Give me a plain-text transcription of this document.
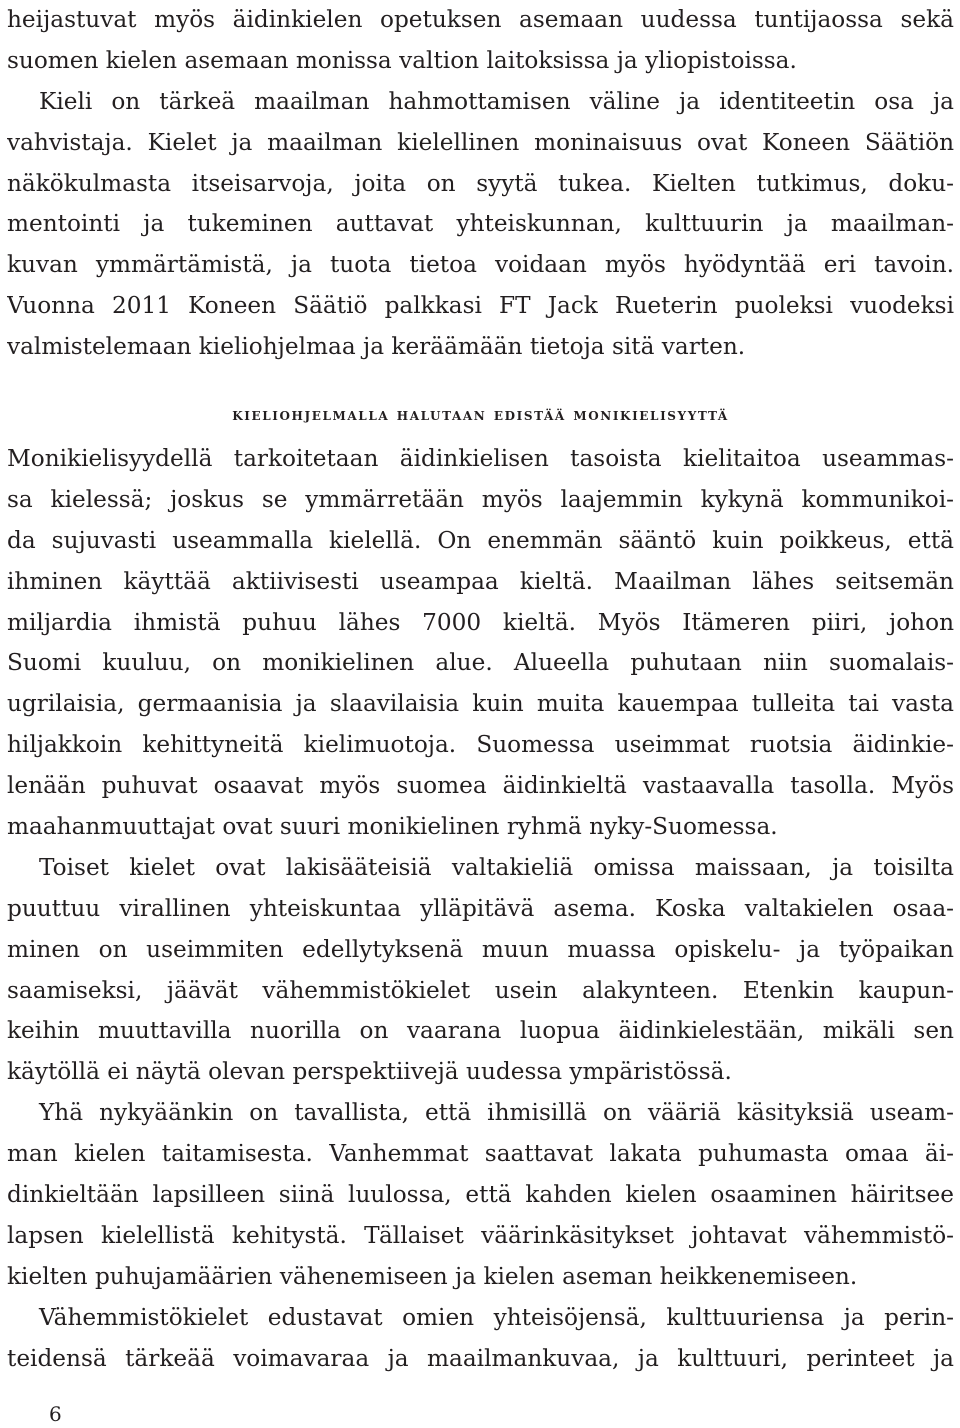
heijastuvat myös äidinkielen opetuksen asemaan uudessa tuntijaossa sekä
suomen kielen asemaan monissa valtion laitoksissa ja yliopistoissa.
Kieli on tärkeä maailman hahmottamisen väline ja identiteetin osa ja
vahvistaja. Kielet ja maailman kielellinen moninaisuus ovat Koneen Säätiön
näkökulmasta itseisarvoja, joita on syytä tukea. Kielten tutkimus, doku-
mentointi ja tukeminen auttavat yhteiskunnan, kulttuurin ja maailman-
kuvan ymmärtämistä, ja tuota tietoa voidaan myös hyödyntää eri tavoin.
Vuonna 2011 Koneen Säätiö palkkasi FT Jack Rueterin puoleksi vuodeksi
valmistelemaan kieliohjelmaa ja keräämään tietoja sitä varten.
kieliohjelmalla halutaan edistää monikielisyyttä
Monikielisyydellä tarkoitetaan äidinkielisen tasoista kielitaitoa useammas-
sa kielessä; joskus se ymmärretään myös laajemmin kykynä kommunikoi-
da sujuvasti useammalla kielellä. On enemmän sääntö kuin poikkeus, että
ihminen käyttää aktiivisesti useampaa kieltä. Maailman lähes seitsemän
miljardia ihmistä puhuu lähes 7000 kieltä. Myös Itämeren piiri, johon
Suomi kuuluu, on monikielinen alue. Alueella puhutaan niin suomalais-
ugrilaisia, germaanisia ja slaavilaisia kuin muita kauempaa tulleita tai vasta
hiljakkoin kehittyneitä kielimuotoja. Suomessa useimmat ruotsia äidinkie-
lenään puhuvat osaavat myös suomea äidinkieltä vastaavalla tasolla. Myös
maahanmuuttajat ovat suuri monikielinen ryhmä nyky-Suomessa.
Toiset kielet ovat lakisääteisiä valtakieliä omissa maissaan, ja toisilta
puuttuu virallinen yhteiskuntaa ylläpitävä asema. Koska valtakielen osaa-
minen on useimmiten edellytyksenä muun muassa opiskelu- ja työpaikan
saamiseksi, jäävät vähemmistökielet usein alakynteen. Etenkin kaupun-
keihin muuttavilla nuorilla on vaarana luopua äidinkielestään, mikäli sen
käytöllä ei näytä olevan perspektiivejä uudessa ympäristössä.
Yhä nykyäänkin on tavallista, että ihmisillä on vääriä käsityksiä useam-
man kielen taitamisesta. Vanhemmat saattavat lakata puhumasta omaa äi-
dinkieltään lapsilleen siinä luulossa, että kahden kielen osaaminen häiritsee
lapsen kielellistä kehitystä. Tällaiset väärinkäsitykset johtavat vähemmistö-
kielten puhujamäärien vähenemiseen ja kielen aseman heikkenemiseen.
Vähemmistökielet edustavat omien yhteisöjensä, kulttuuriensa ja perin-
teidensä tärkeää voimavaraa ja maailmankuvaa, ja kulttuuri, perinteet ja
6
